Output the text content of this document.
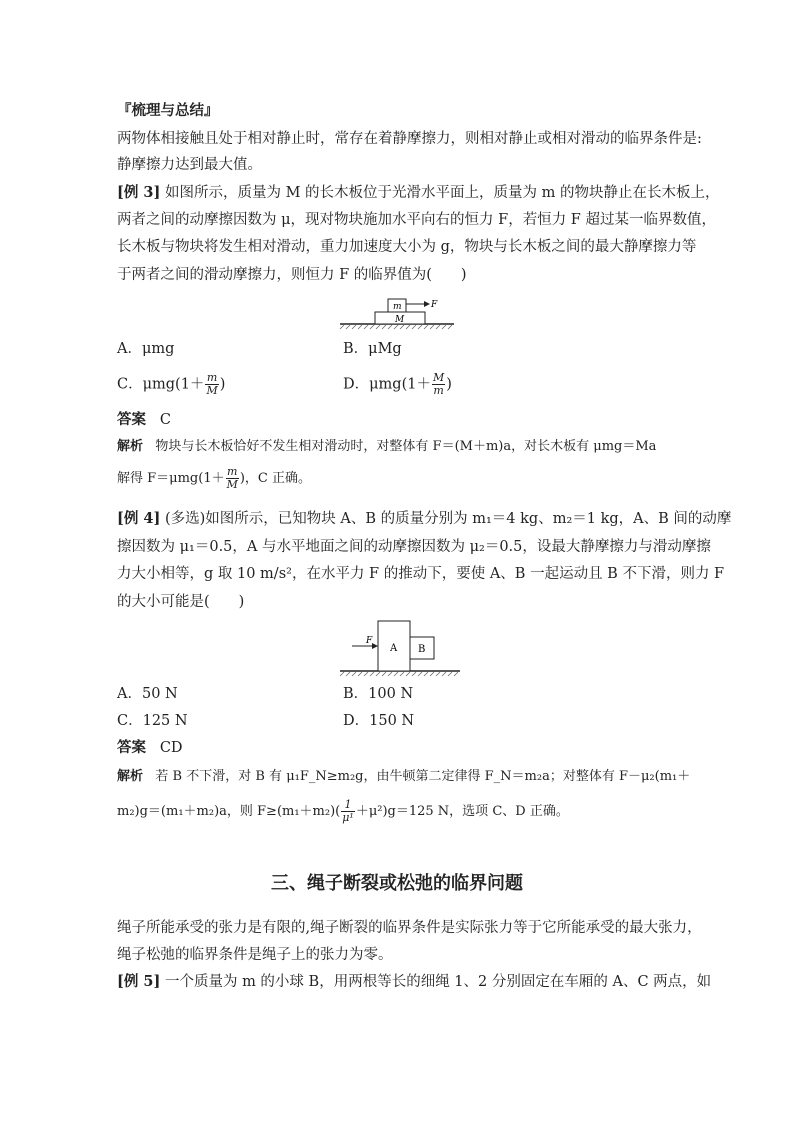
『梳理与总结』
两物体相接触且处于相对静止时，常存在着静摩擦力，则相对静止或相对滑动的临界条件是:
静摩擦力达到最大值。
[例 3] 如图所示，质量为 M 的长木板位于光滑水平面上，质量为 m 的物块静止在长木板上，
两者之间的动摩擦因数为 μ，现对物块施加水平向右的恒力 F，若恒力 F 超过某一临界数值，
长木板与物块将发生相对滑动，重力加速度大小为 g，物块与长木板之间的最大静摩擦力等
于两者之间的滑动摩擦力，则恒力 F 的临界值为(　　)
m
M
F
A．μmg	B．μMg
C．$\mu mg(1+ \frac{m}{M}$ )	D．$\mu mg(1+ \frac{M}{m}$ )
答案 C
解析 物块与长木板恰好不发生相对滑动时，对整体有 F＝(M＋m)a，对长木板有 μmg＝Ma
解得 $F=\mu mg(1+ \frac{m}{M}$ )，C 正确。
[例 4] (多选)如图所示，已知物块 A、B 的质量分别为 m₁＝4 kg、m₂＝1 kg，A、B 间的动摩
擦因数为 μ₁＝0.5，A 与水平地面之间的动摩擦因数为 μ₂＝0.5，设最大静摩擦力与滑动摩擦
力大小相等，g 取 10 m/s²，在水平力 F 的推动下，要使 A、B 一起运动且 B 不下滑，则力 F
的大小可能是(　　)
A B
F
A．50 N	B．100 N
C．125 N	D．150 N
答案 CD
解析 若 B 不下滑，对 B 有 μ₁F_N≥m₂g，由牛顿第二定律得 F_N＝m₂a；对整体有 F－μ₂(m₁＋
m₂)g＝(m₁＋m₂)a，则 $F\ge(m_1+m_2)( \frac{1}{\text{μ¹}} +\mu^2)g=125$ N，选项 C、D 正确。
三、绳子断裂或松弛的临界问题
绳子所能承受的张力是有限的,绳子断裂的临界条件是实际张力等于它所能承受的最大张力，
绳子松弛的临界条件是绳子上的张力为零。
[例 5] 一个质量为 m 的小球 B，用两根等长的细绳 1、2 分别固定在车厢的 A、C 两点，如
